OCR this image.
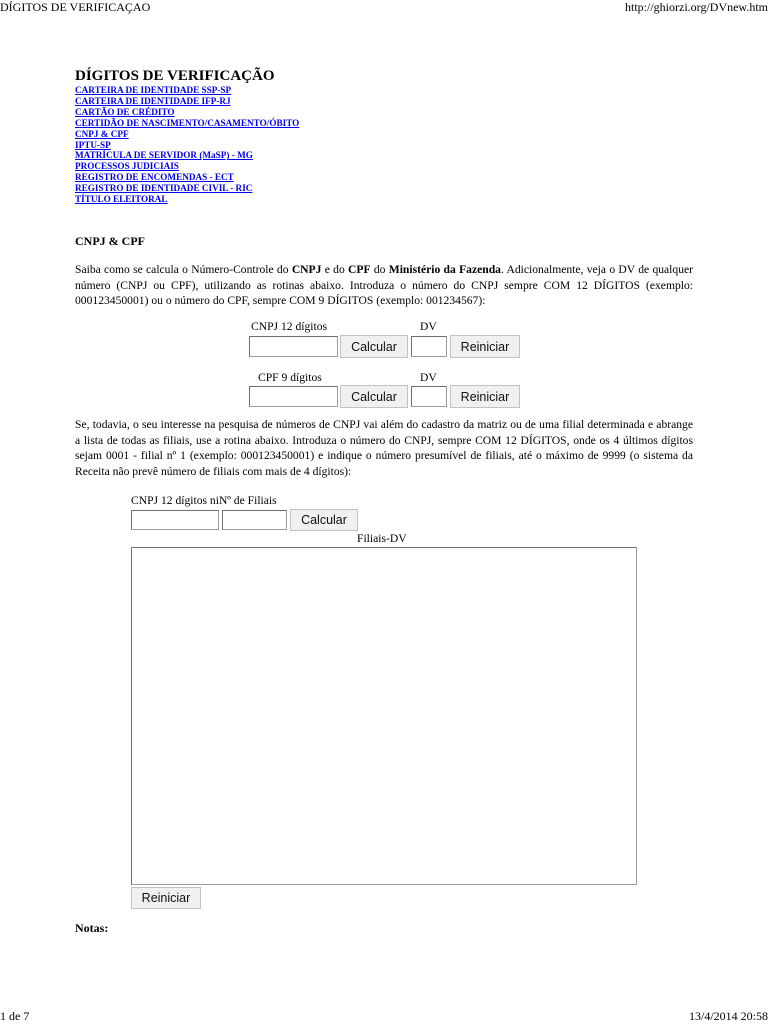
DÍGITOS DE VERIFICAÇAO	http://ghiorzi.org/DVnew.htm
DÍGITOS DE VERIFICAÇÃO
CARTEIRA DE IDENTIDADE SSP-SP
CARTEIRA DE IDENTIDADE IFP-RJ
CARTÃO DE CRÉDITO
CERTIDÃO DE NASCIMENTO/CASAMENTO/ÓBITO
CNPJ & CPF
IPTU-SP
MATRÍCULA DE SERVIDOR (MaSP) - MG
PROCESSOS JUDICIAIS
REGISTRO DE ENCOMENDAS - ECT
REGISTRO DE IDENTIDADE CIVIL - RIC
TÍTULO ELEITORAL
CNPJ & CPF

Saiba como se calcula o Número-Controle do CNPJ e do CPF do Ministério da Fazenda. Adicionalmente, veja o DV de qualquer número (CNPJ ou CPF), utilizando as rotinas abaixo. Introduza o número do CNPJ sempre COM 12 DÍGITOS (exemplo: 000123450001) ou o número do CPF, sempre COM 9 DÍGITOS (exemplo: 001234567):

CNPJ 12 dígitos	DV
Calcular	Reiniciar
CPF 9 dígitos	DV
Calcular	Reiniciar

Se, todavia, o seu interesse na pesquisa de números de CNPJ vai além do cadastro da matriz ou de uma filial determinada e abrange a lista de todas as filiais, use a rotina abaixo. Introduza o número do CNPJ, sempre COM 12 DÍGITOS, onde os 4 últimos dígitos sejam 0001 - filial nº 1 (exemplo: 000123450001) e indique o número presumível de filiais, até o máximo de 9999 (o sistema da Receita não prevê número de filiais com mais de 4 dígitos):

CNPJ 12 dígitos niNº de Filiais
Calcular
Filiais-DV
Reiniciar
Notas:
1 de 7	13/4/2014 20:58
